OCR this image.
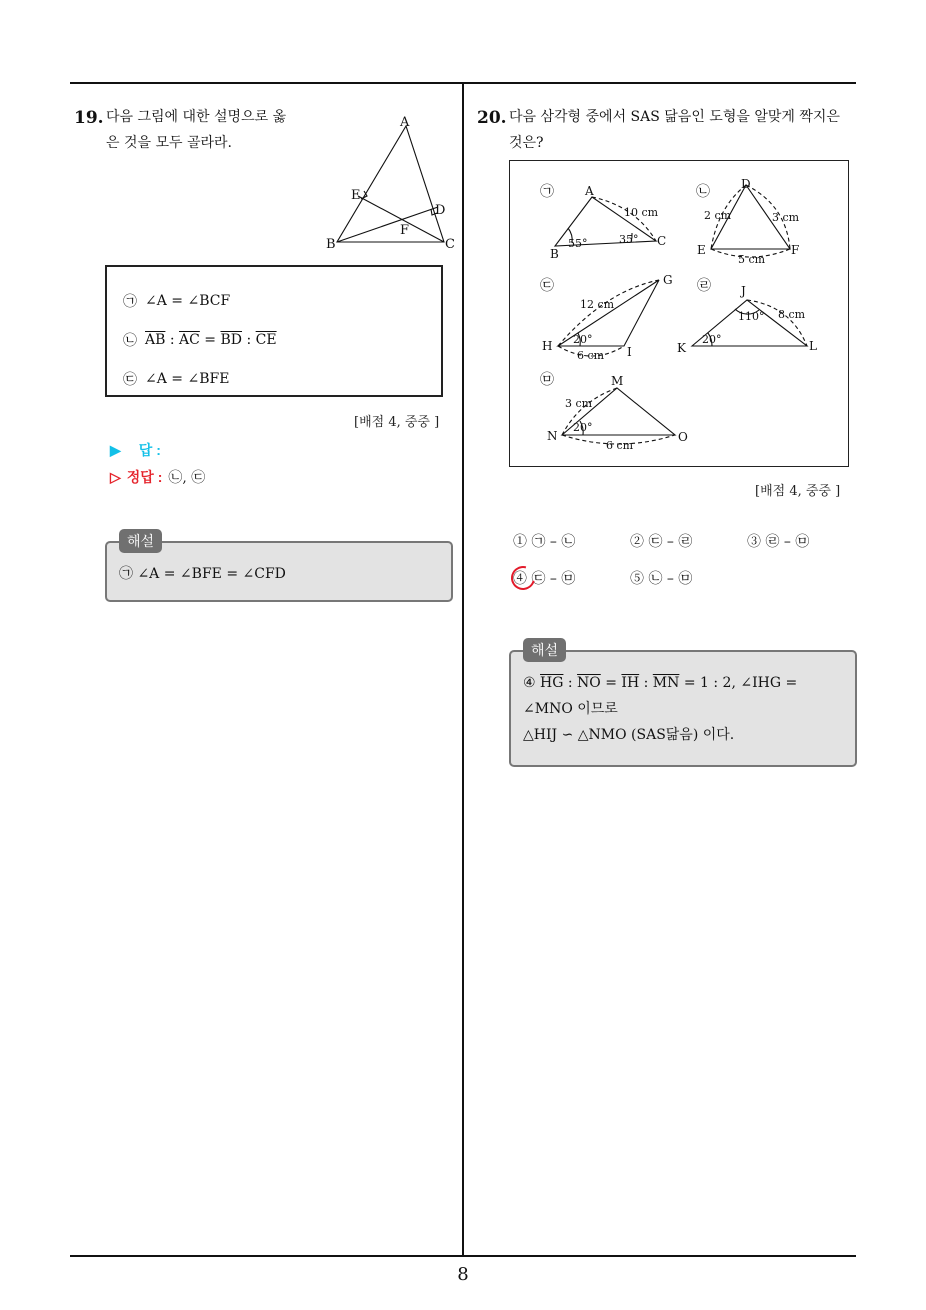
19. 다음 그림에 대한 설명으로 옳
은 것을 모두 골라라.
A
B	C
D
E
F
㉠ ∠A = ∠BCF
㉡ $\overline{AB}$ : $\overline{AC} = \overline{BD}$ : $\overline{CE}$
㉢ ∠A = ∠BFE
[배점 4, 중중 ]
▶ 답 :
▷ 정답 : ㉡, ㉢
㉠ ∠A = ∠BFE = ∠CFD
해설
20. 다음 삼각형 중에서 SAS 닮음인 도형을 알맞게 짝지은
것은?
㉠	A
B
C
10 cm
55°	35°
㉡	D
E	F
2 cm	3 cm
5 cm
㉢	G
H	I
12 cm
20°
6 cm
㉣	J
K	L
8 cm
110°
20°
㉤	M
N	O
3 cm
20°
6 cm
[배점 4, 중중 ]
① ㉠ – ㉡	② ㉢ – ㉣	③ ㉣ – ㉤
④ ㉢ – ㉤	⑤ ㉡ – ㉤
④ $\overline{HG}$ : $\overline{NO} = \overline{IH}$ : $\overline{MN} = 1$ : 2, ∠IHG =
∠MNO 이므로
△HIJ ∽ △NMO (SAS닮음) 이다.
해설
8
